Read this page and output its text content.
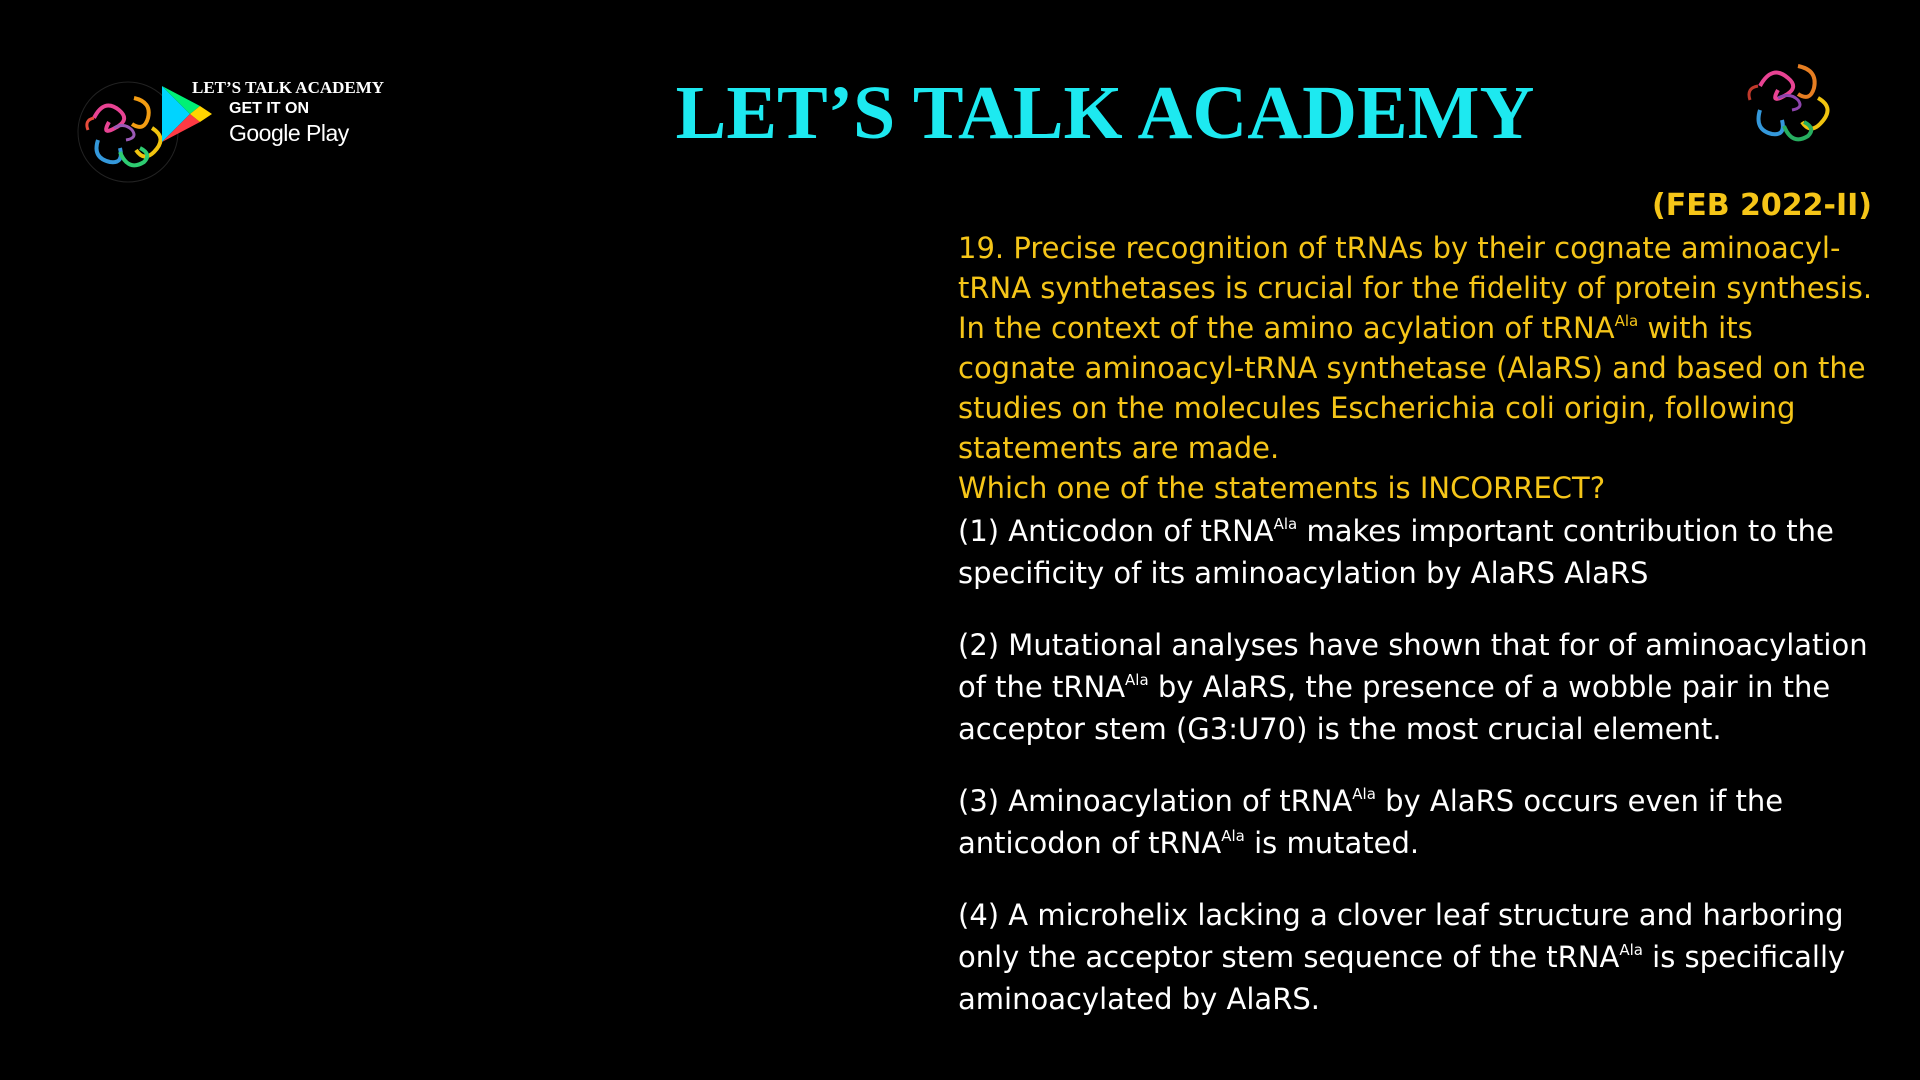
LET’S TALK ACADEMY
GET IT ON
Google Play	LET’S TALK ACADEMY
(FEB 2022-II)

19. Precise recognition of tRNAs by their cognate aminoacyl-tRNA synthetases is crucial for the fidelity of protein synthesis. In the context of the amino acylation of tRNA$^{Ala}$ with its cognate aminoacyl-tRNA synthetase (AlaRS) and based on the studies on the molecules Escherichia coli origin, following statements are made.

Which one of the statements is INCORRECT?

(1) Anticodon of tRNA$^{Ala}$ makes important contribution to the specificity of its aminoacylation by AlaRS AlaRS

(2) Mutational analyses have shown that for of aminoacylation of the tRNA$^{Ala}$ by AlaRS, the presence of a wobble pair in the acceptor stem (G3:U70) is the most crucial element.

(3) Aminoacylation of tRNA$^{Ala}$ by AlaRS occurs even if the anticodon of tRNA$^{Ala}$ is mutated.

(4) A microhelix lacking a clover leaf structure and harboring only the acceptor stem sequence of the tRNA$^{Ala}$ is specifically aminoacylated by AlaRS.
